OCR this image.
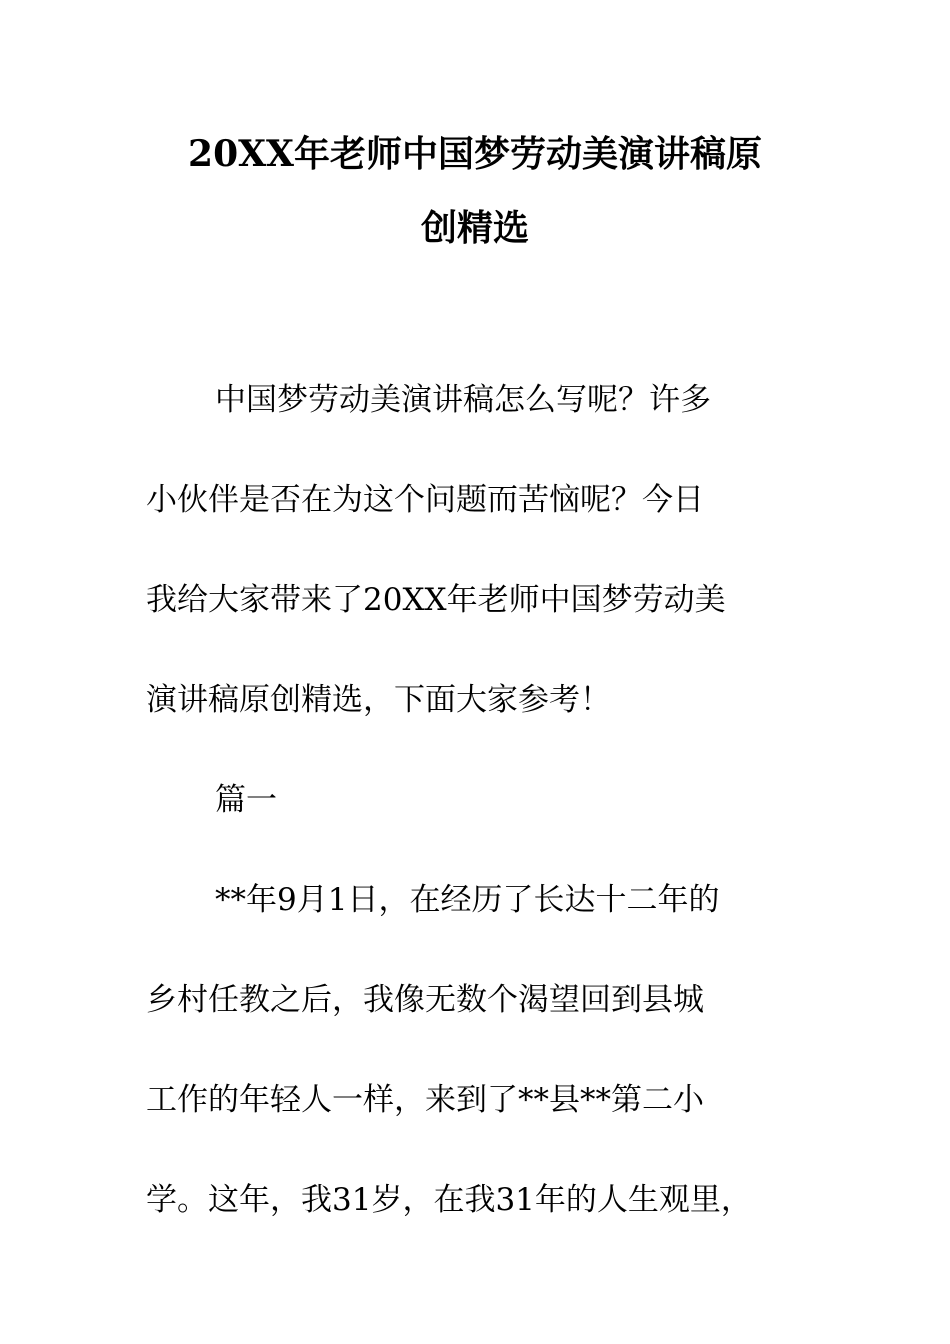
20XX年老师中国梦劳动美演讲稿原
创精选
中国梦劳动美演讲稿怎么写呢？许多
小伙伴是否在为这个问题而苦恼呢？今日
我给大家带来了20XX年老师中国梦劳动美
演讲稿原创精选，下面大家参考！
篇一
**年9月1日，在经历了长达十二年的
乡村任教之后，我像无数个渴望回到县城
工作的年轻人一样，来到了**县**第二小
学。这年，我31岁，在我31年的人生观里，
